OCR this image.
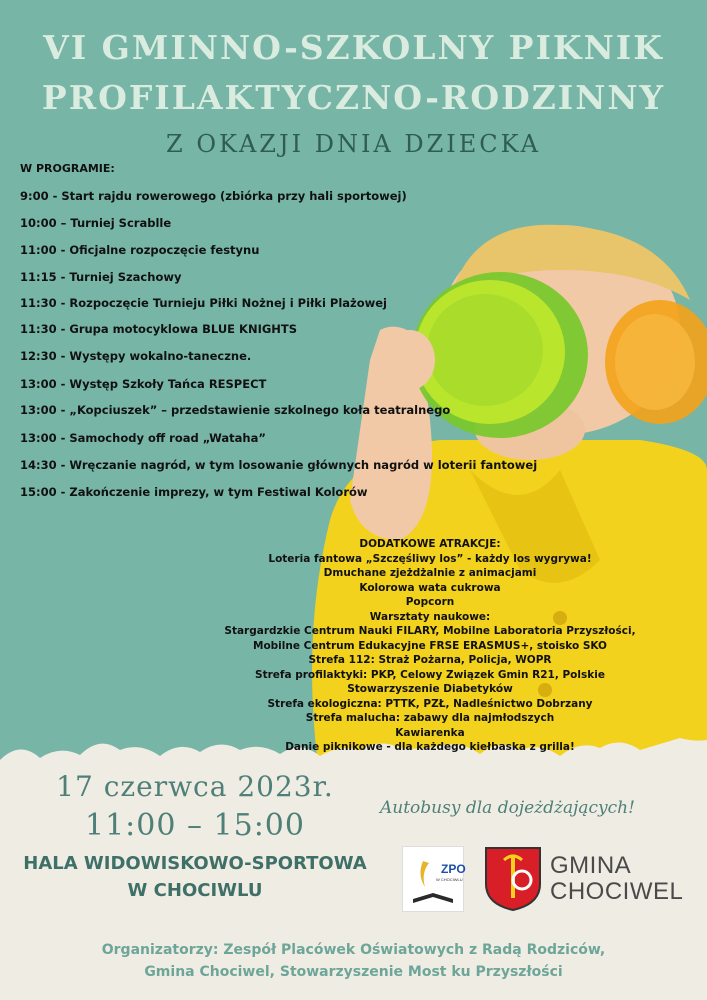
VI GMINNO-SZKOLNY PIKNIK
PROFILAKTYCZNO-RODZINNY
Z OKAZJI DNIA DZIECKA
W PROGRAMIE:
9:00 - Start rajdu rowerowego (zbiórka przy hali sportowej)
10:00 – Turniej Scrablle
11:00 - Oficjalne rozpoczęcie festynu
11:15 - Turniej Szachowy
11:30 - Rozpoczęcie Turnieju Piłki Nożnej i Piłki Plażowej
11:30 - Grupa motocyklowa BLUE KNIGHTS
12:30 - Występy wokalno-taneczne.
13:00 - Występ Szkoły Tańca RESPECT
13:00 - „Kopciuszek” – przedstawienie szkolnego koła teatralnego
13:00 - Samochody off road „Wataha”
14:30 - Wręczanie nagród, w tym losowanie głównych nagród w loterii fantowej
15:00 - Zakończenie imprezy, w tym Festiwal Kolorów
DODATKOWE ATRAKCJE:
Loteria fantowa „Szczęśliwy los” - każdy los wygrywa!
Dmuchane zjeżdżalnie z animacjami
Kolorowa wata cukrowa
Popcorn
Warsztaty naukowe:
Stargardzkie Centrum Nauki FILARY, Mobilne Laboratoria Przyszłości,
Mobilne Centrum Edukacyjne FRSE ERASMUS+, stoisko SKO
Strefa 112: Straż Pożarna, Policja, WOPR
Strefa profilaktyki: PKP, Celowy Związek Gmin R21, Polskie
Stowarzyszenie Diabetyków
Strefa ekologiczna: PTTK, PZŁ, Nadleśnictwo Dobrzany
Strefa malucha: zabawy dla najmłodszych
Kawiarenka
Danie piknikowe - dla każdego kiełbaska z grilla!
17 czerwca 2023r.
11:00 – 15:00
HALA WIDOWISKOWO-SPORTOWA
W CHOCIWLU
Autobusy dla dojeżdżających!
ZPO
W CHOCIWLU
GMINA
CHOCIWEL
Organizatorzy: Zespół Placówek Oświatowych z Radą Rodziców,
Gmina Chociwel, Stowarzyszenie Most ku Przyszłości
